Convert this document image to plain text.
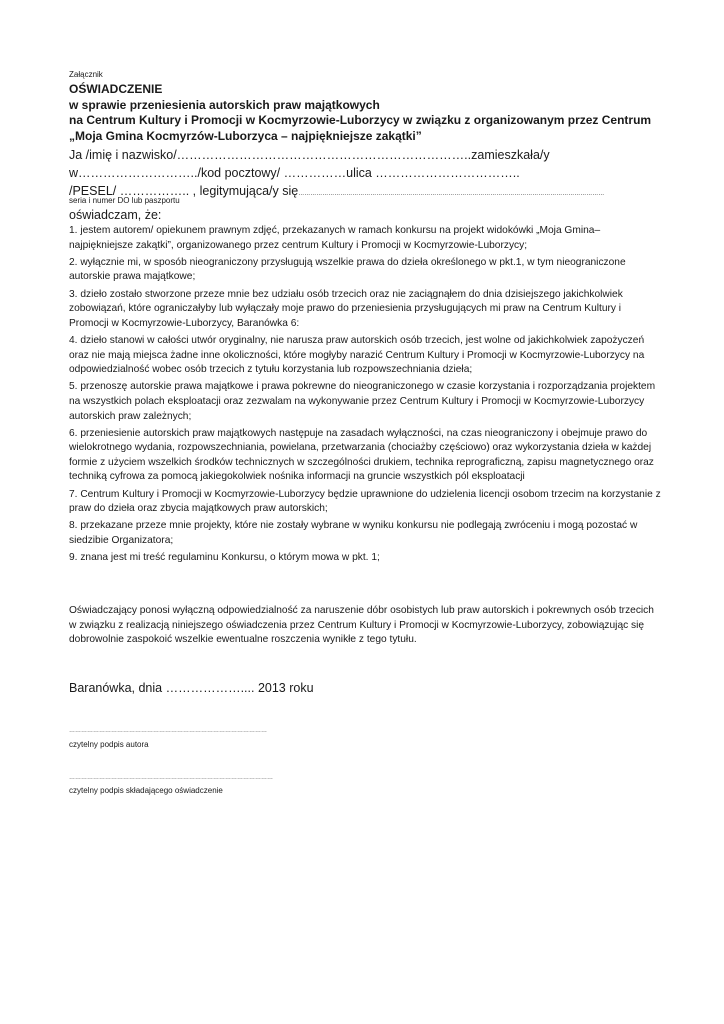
Załącznik
OŚWIADCZENIE
w sprawie przeniesienia autorskich praw majątkowych
na Centrum Kultury i Promocji w Kocmyrzowie-Luborzycy w związku z organizowanym przez Centrum
„Moja Gmina Kocmyrzów-Luborzyca – najpiękniejsze zakątki”
Ja /imię i nazwisko/……………………………………………………………..zamieszkała/y
w………………………../kod pocztowy/ ……………ulica ……………………………..
/PESEL/ …………….. , legitymująca/y się………………………………………………………………………………………………………………………………………
seria i numer DO lub paszportu
oświadczam, że:

1. jestem autorem/ opiekunem prawnym zdjęć, przekazanych w ramach konkursu na projekt widokówki „Moja Gmina– najpiękniejsze zakątki”, organizowanego przez centrum Kultury i Promocji w Kocmyrzowie-Luborzycy;

2. wyłącznie mi, w sposób nieograniczony przysługują wszelkie prawa do dzieła określonego w pkt.1, w tym nieograniczone autorskie prawa majątkowe;

3. dzieło zostało stworzone przeze mnie bez udziału osób trzecich oraz nie zaciągnąłem do dnia dzisiejszego jakichkolwiek zobowiązań, które ograniczałyby lub wyłączały moje prawo do przeniesienia przysługujących mi praw na Centrum Kultury i Promocji w Kocmyrzowie-Luborzycy, Baranówka 6:

4. dzieło stanowi w całości utwór oryginalny, nie narusza praw autorskich osób trzecich, jest wolne od jakichkolwiek zapożyczeń oraz nie mają miejsca żadne inne okoliczności, które mogłyby narazić Centrum Kultury i Promocji w Kocmyrzowie-Luborzycy na odpowiedzialność wobec osób trzecich z tytułu korzystania lub rozpowszechniania dzieła;

5. przenoszę autorskie prawa majątkowe i prawa pokrewne do nieograniczonego w czasie korzystania i rozporządzania projektem na wszystkich polach eksploatacji oraz zezwalam na wykonywanie przez Centrum Kultury i Promocji w Kocmyrzowie-Luborzycy autorskich praw zależnych;

6. przeniesienie autorskich praw majątkowych następuje na zasadach wyłączności, na czas nieograniczony i obejmuje prawo do wielokrotnego wydania, rozpowszechniania, powielana, przetwarzania (chociażby częściowo) oraz wykorzystania dzieła w każdej formie z użyciem wszelkich środków technicznych w szczególności drukiem, technika reprograficzną, zapisu magnetycznego oraz techniką cyfrowa za pomocą jakiegokolwiek nośnika informacji na gruncie wszystkich pól eksploatacji

7. Centrum Kultury i Promocji w Kocmyrzowie-Luborzycy będzie uprawnione do udzielenia licencji osobom trzecim na korzystanie z praw do dzieła oraz zbycia majątkowych praw autorskich;

8. przekazane przeze mnie projekty, które nie zostały wybrane w wyniku konkursu nie podlegają zwróceniu i mogą pozostać w siedzibie Organizatora;

9. znana jest mi treść regulaminu Konkursu, o którym mowa w pkt. 1;

Oświadczający ponosi wyłączną odpowiedzialność za naruszenie dóbr osobistych lub praw autorskich i pokrewnych osób trzecich w związku z realizacją niniejszego oświadczenia przez Centrum Kultury i Promocji w Kocmyrzowie-Luborzycy, zobowiązując się dobrowolnie zaspokoić wszelkie ewentualne roszczenia wynikłe z tego tytułu.

Baranówka, dnia ……………….... 2013 roku
………………………………………………………………………………………
czytelny podpis autora
…………………………………………………………………………………………
czytelny podpis składającego oświadczenie
